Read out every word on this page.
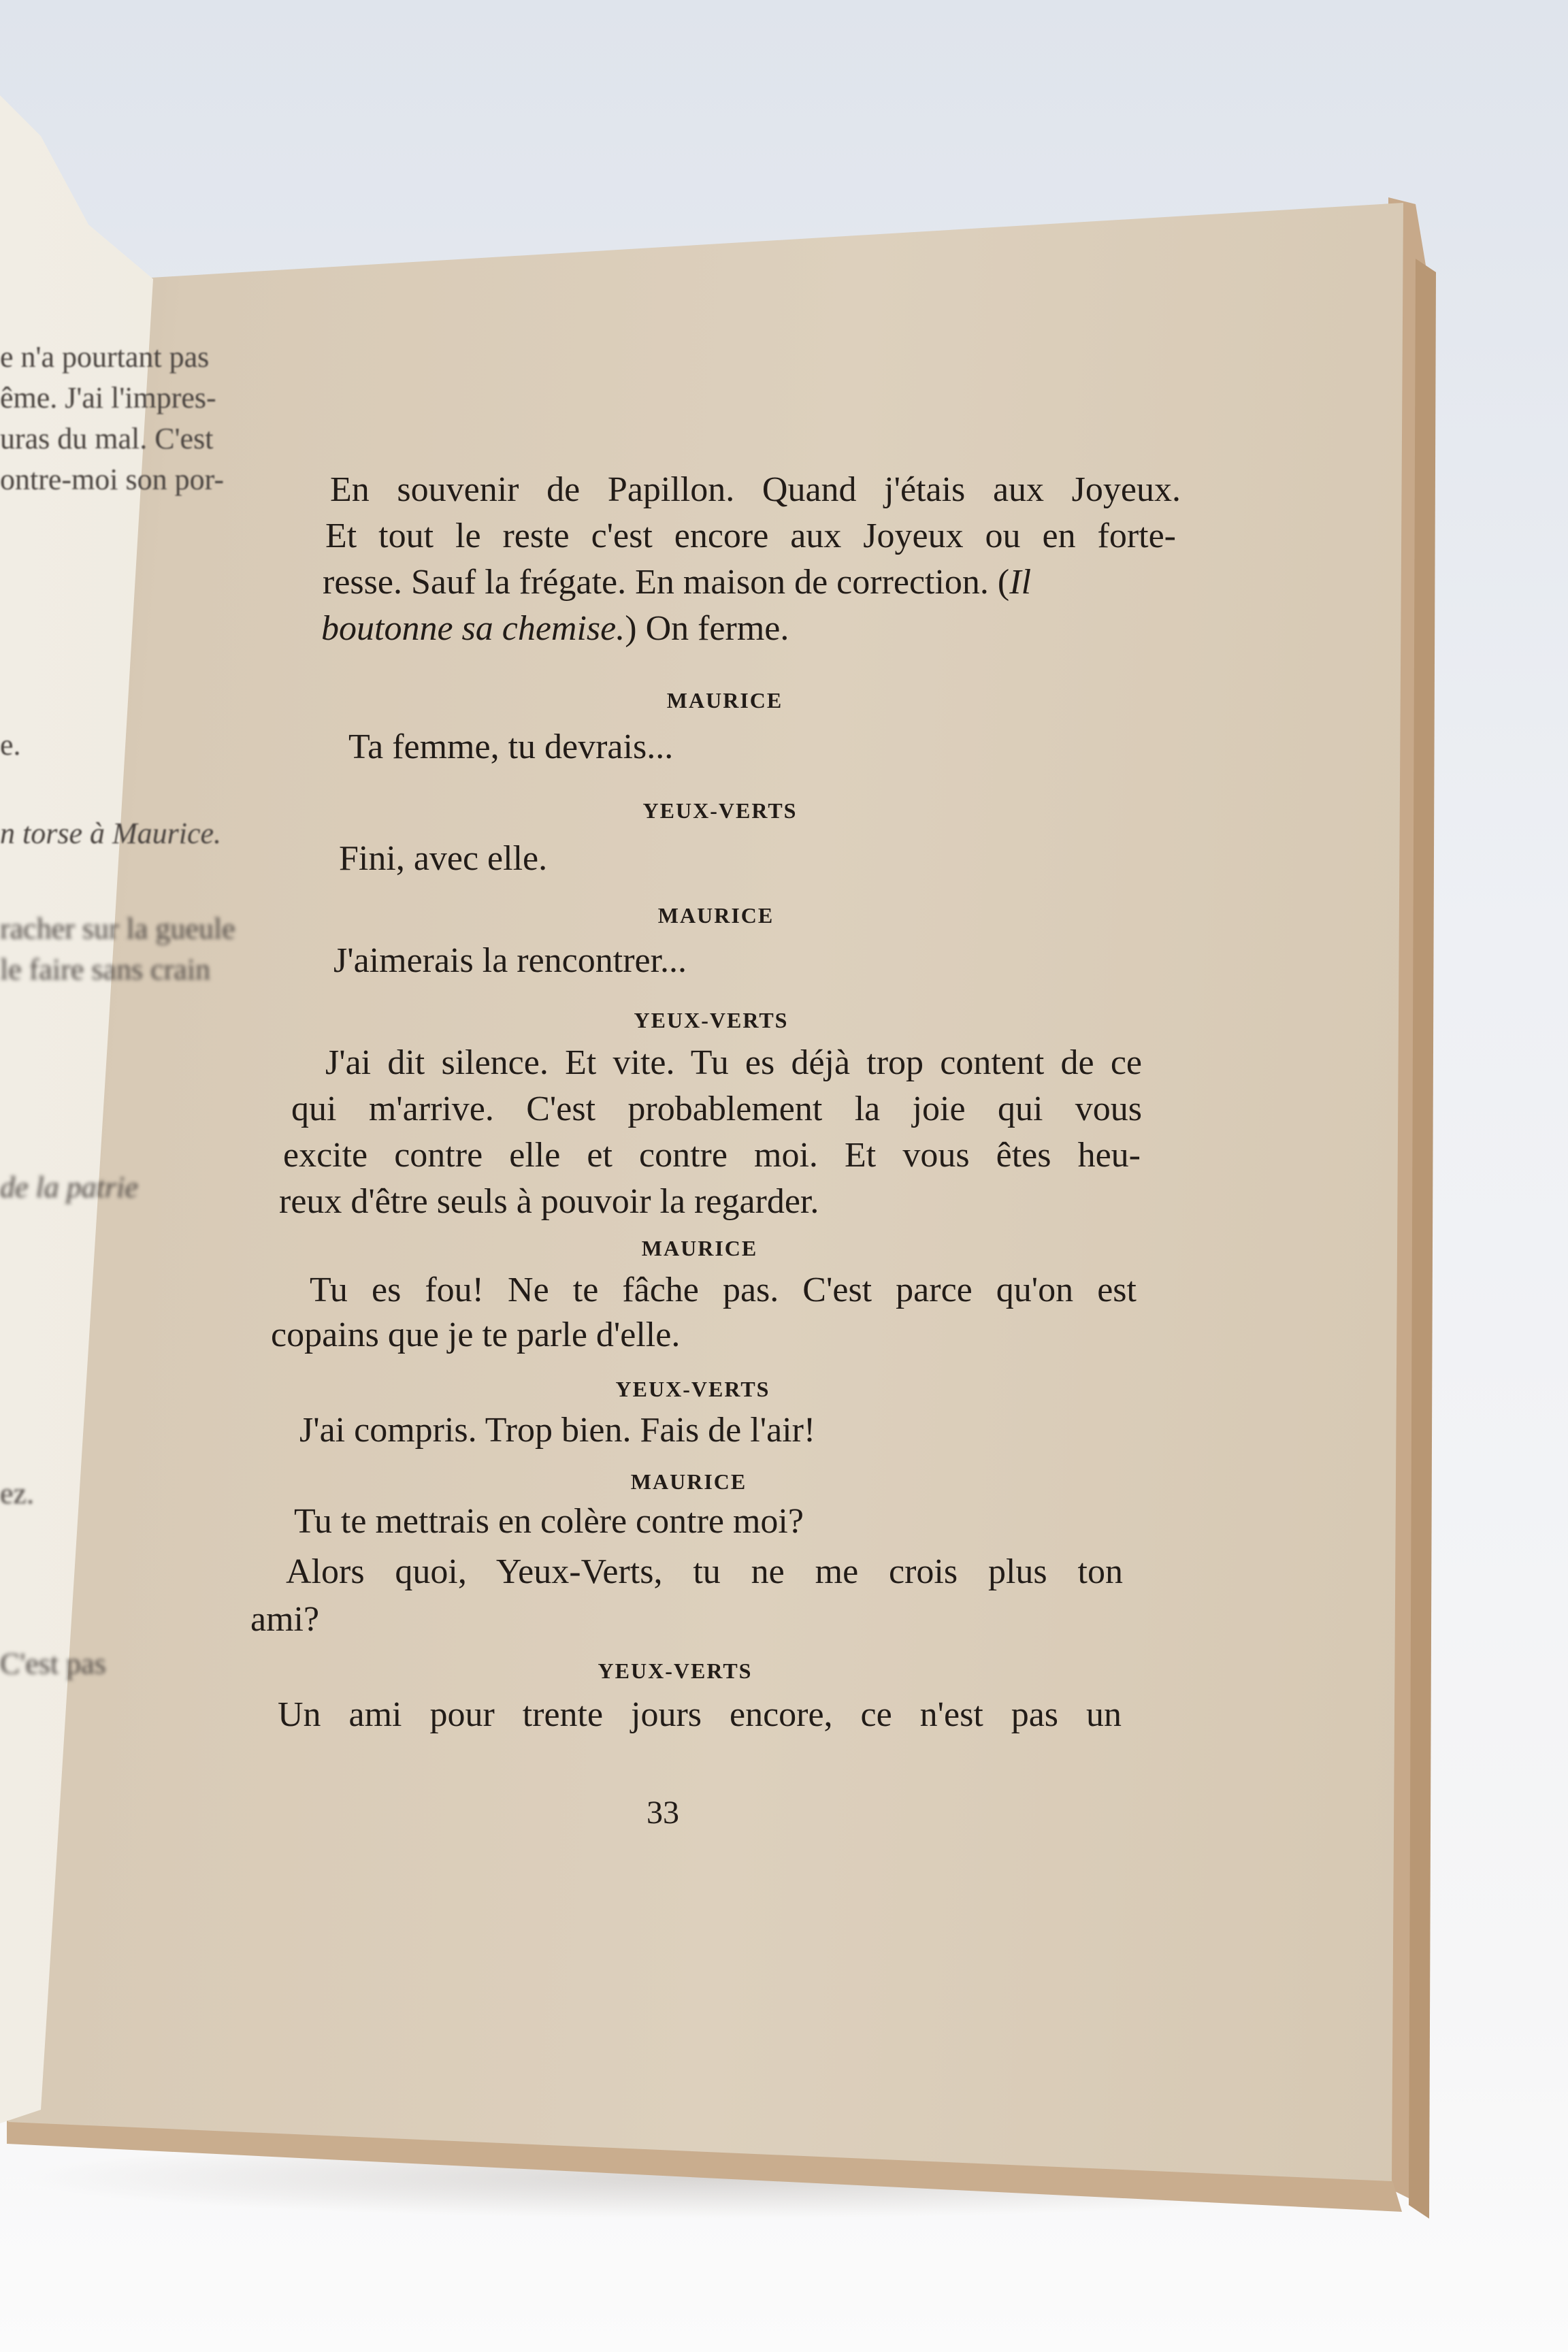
e n'a pourtant pas
ême. J'ai l'impres-
uras du mal. C'est
ontre-moi son por-
e.
n torse à Maurice.
racher sur la gueule
le faire sans crain
de la patrie
ez.
C'est pas
En souvenir de Papillon. Quand j'étais aux Joyeux.
Et tout le reste c'est encore aux Joyeux ou en forte-
resse. Sauf la frégate. En maison de correction. (Il
boutonne sa chemise.) On ferme.
MAURICE
Ta femme, tu devrais...
YEUX-VERTS
Fini, avec elle.
MAURICE
J'aimerais la rencontrer...
YEUX-VERTS
J'ai dit silence. Et vite. Tu es déjà trop content de ce
qui m'arrive. C'est probablement la joie qui vous
excite contre elle et contre moi. Et vous êtes heu-
reux d'être seuls à pouvoir la regarder.
MAURICE
Tu es fou! Ne te fâche pas. C'est parce qu'on est
copains que je te parle d'elle.
YEUX-VERTS
J'ai compris. Trop bien. Fais de l'air!
MAURICE
Tu te mettrais en colère contre moi?
Alors quoi, Yeux-Verts, tu ne me crois plus ton
ami?
YEUX-VERTS
Un ami pour trente jours encore, ce n'est pas un
33
